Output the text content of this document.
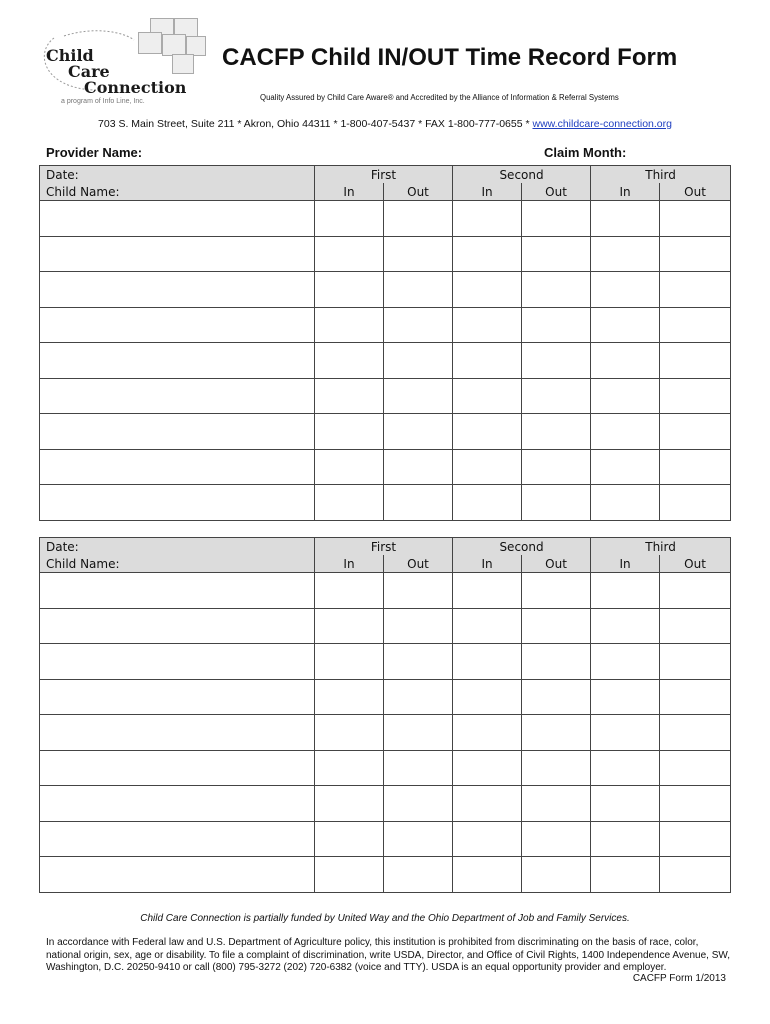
Child
Care
Connection
a program of Info Line, Inc.
CACFP Child IN/OUT Time Record Form
Quality Assured by Child Care Aware® and Accredited by the Alliance of Information & Referral Systems
703 S. Main Street, Suite 211 * Akron, Ohio 44311 * 1-800-407-5437 * FAX 1-800-777-0655 * www.childcare-connection.org
Provider Name:	Claim Month:
Date:	First		Second		Third	
Child Name:	In	Out	In	Out	In	Out

Date:	First		Second		Third	
Child Name:	In	Out	In	Out	In	Out

Child Care Connection is partially funded by United Way and the Ohio Department of Job and Family Services.
In accordance with Federal law and U.S. Department of Agriculture policy, this institution is prohibited from discriminating on the basis of race, color, national origin, sex, age or disability. To file a complaint of discrimination, write USDA, Director, and Office of Civil Rights, 1400 Independence Avenue, SW, Washington, D.C. 20250-9410 or call (800) 795-3272 (202) 720-6382 (voice and TTY). USDA is an equal opportunity provider and employer.
CACFP Form 1/2013
